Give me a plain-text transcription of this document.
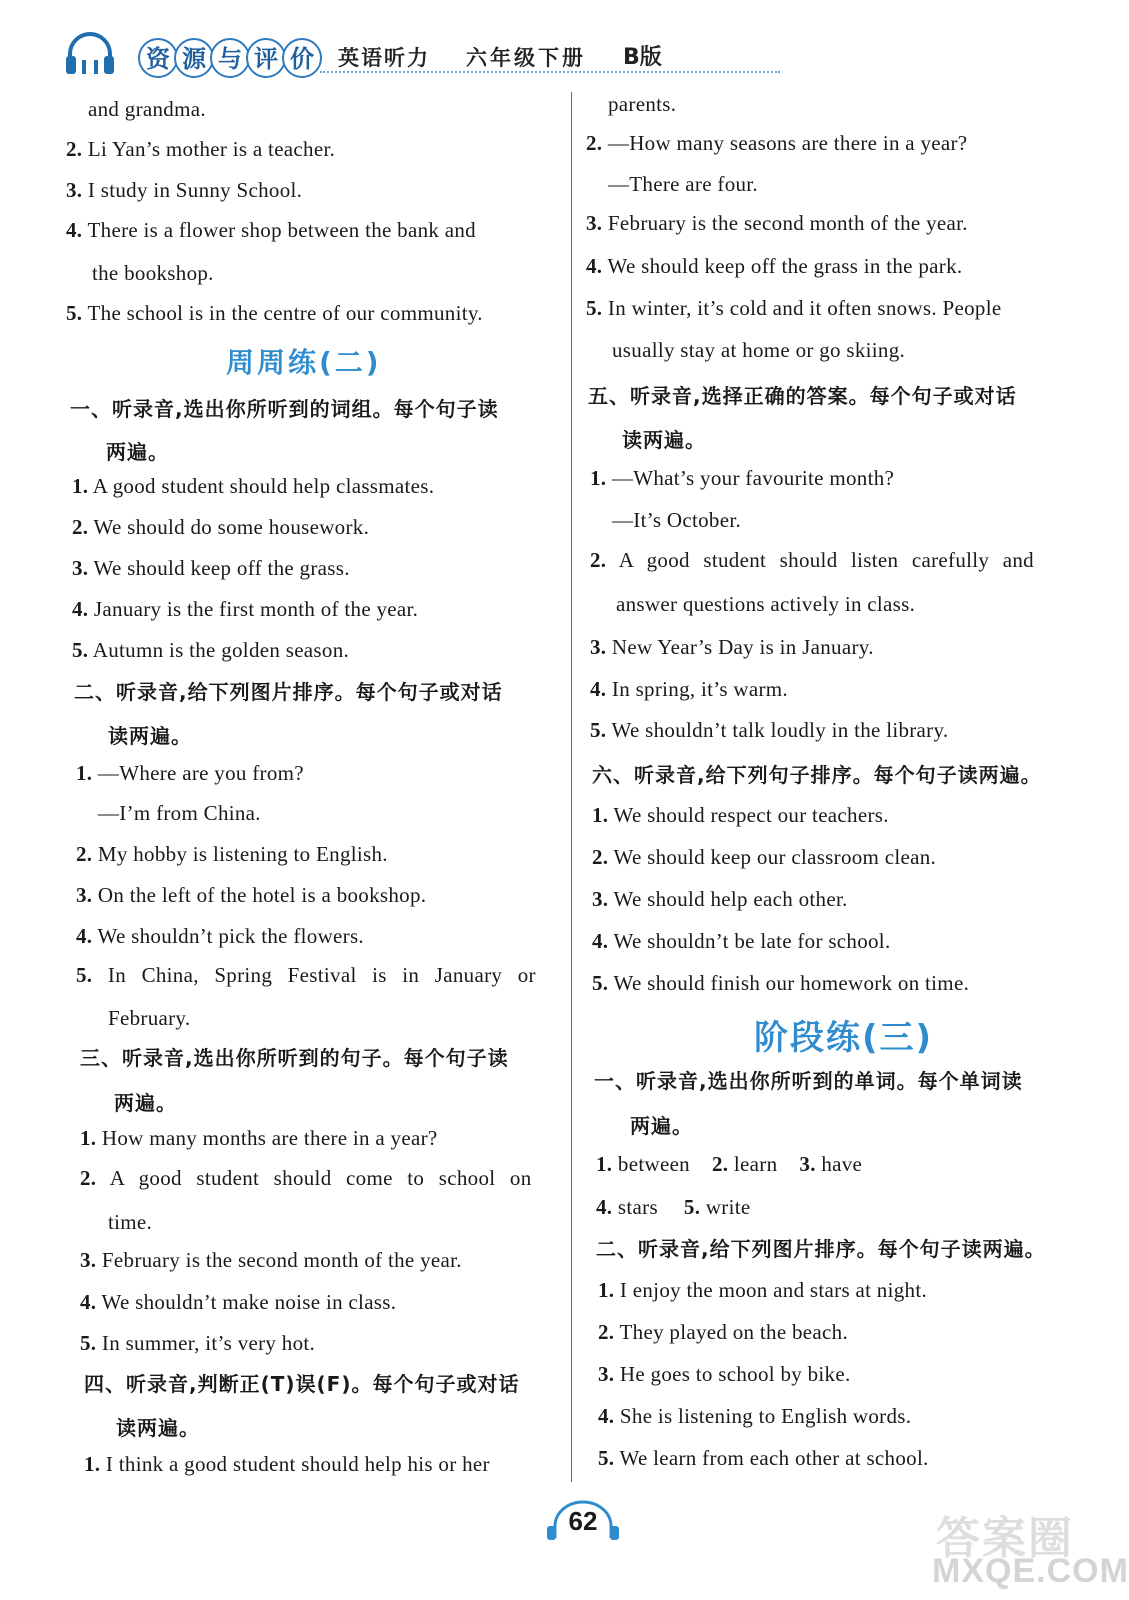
资 源 与 评 价	英语听力 六年级下册 B版
and grandma.
2. Li Yan’s mother is a teacher.
3. I study in Sunny School.
4. There is a flower shop between the bank and
the bookshop.
5. The school is in the centre of our community.
周周练(二)
一、听录音,选出你所听到的词组。每个句子读
两遍。
1. A good student should help classmates.
2. We should do some housework.
3. We should keep off the grass.
4. January is the first month of the year.
5. Autumn is the golden season.
二、听录音,给下列图片排序。每个句子或对话
读两遍。
1. —Where are you from?
—I’m from China.
2. My hobby is listening to English.
3. On the left of the hotel is a bookshop.
4. We shouldn’t pick the flowers.
5. In China, Spring Festival is in January or
February.
三、听录音,选出你所听到的句子。每个句子读
两遍。
1. How many months are there in a year?
2. A good student should come to school on
time.
3. February is the second month of the year.
4. We shouldn’t make noise in class.
5. In summer, it’s very hot.
四、听录音,判断正(T)误(F)。每个句子或对话
读两遍。
1. I think a good student should help his or her
parents.
2. —How many seasons are there in a year?
—There are four.
3. February is the second month of the year.
4. We should keep off the grass in the park.
5. In winter, it’s cold and it often snows. People
usually stay at home or go skiing.
五、听录音,选择正确的答案。每个句子或对话
读两遍。
1. —What’s your favourite month?
—It’s October.
2. A good student should listen carefully and
answer questions actively in class.
3. New Year’s Day is in January.
4. In spring, it’s warm.
5. We shouldn’t talk loudly in the library.
六、听录音,给下列句子排序。每个句子读两遍。
1. We should respect our teachers.
2. We should keep our classroom clean.
3. We should help each other.
4. We shouldn’t be late for school.
5. We should finish our homework on time.
阶段练(三)
一、听录音,选出你所听到的单词。每个单词读
两遍。
1. between 2. learn 3. have
4. stars 5. write
二、听录音,给下列图片排序。每个句子读两遍。
1. I enjoy the moon and stars at night.
2. They played on the beach.
3. He goes to school by bike.
4. She is listening to English words.
5. We learn from each other at school.
62	答案圈
MXQE.COM
